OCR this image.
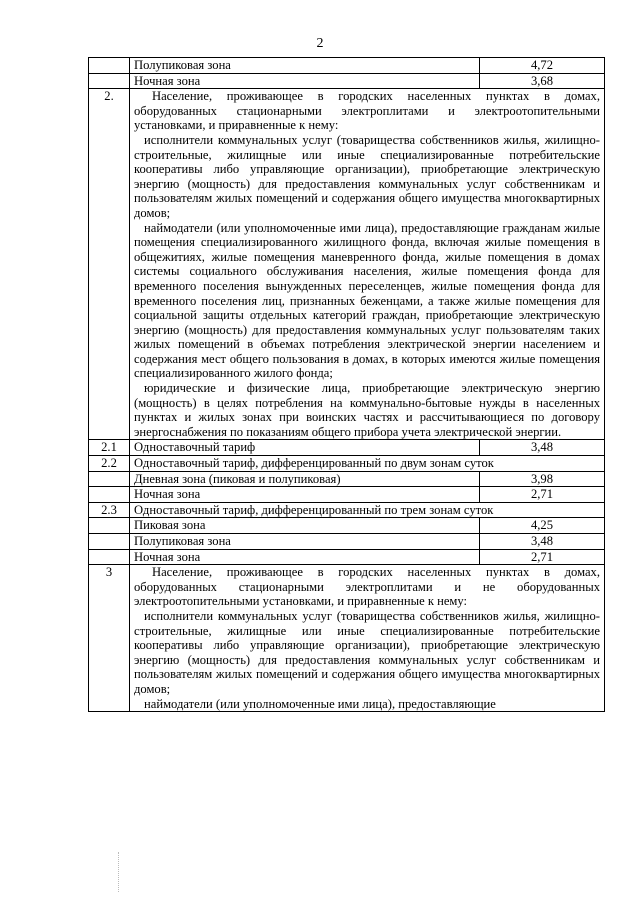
2
	Полупиковая зона	4,72
	Ночная зона	3,68
2.	Население, проживающее в городских населенных пунктах в домах, оборудованных стационарными электроплитами и электроотопительными установками, и приравненные к нему:

исполнители коммунальных услуг (товарищества собственников жилья, жилищно-строительные, жилищные или иные специализированные потребительские кооперативы либо управляющие организации), приобретающие электрическую энергию (мощность) для предоставления коммунальных услуг собственникам и пользователям жилых помещений и содержания общего имущества многоквартирных домов;

наймодатели (или уполномоченные ими лица), предоставляющие гражданам жилые помещения специализированного жилищного фонда, включая жилые помещения в общежитиях, жилые помещения маневренного фонда, жилые помещения в домах системы социального обслуживания населения, жилые помещения фонда для временного поселения вынужденных переселенцев, жилые помещения фонда для временного поселения лиц, признанных беженцами, а также жилые помещения для социальной защиты отдельных категорий граждан, приобретающие электрическую энергию (мощность) для предоставления коммунальных услуг пользователям таких жилых помещений в объемах потребления электрической энергии населением и содержания мест общего пользования в домах, в которых имеются жилые помещения специализированного жилого фонда;

юридические и физические лица, приобретающие электрическую энергию (мощность) в целях потребления на коммунально-бытовые нужды в населенных пунктах и жилых зонах при воинских частях и рассчитывающиеся по договору энергоснабжения по показаниям общего прибора учета электрической энергии.	

2.1	Одноставочный тариф	3,48
2.2	Одноставочный тариф, дифференцированный по двум зонам суток	
	Дневная зона (пиковая и полупиковая)	3,98
	Ночная зона	2,71
2.3	Одноставочный тариф, дифференцированный по трем зонам суток	
	Пиковая зона	4,25
	Полупиковая зона	3,48
	Ночная зона	2,71
3	Население, проживающее в городских населенных пунктах в домах, оборудованных стационарными электроплитами и не оборудованных электроотопительными установками, и приравненные к нему:

исполнители коммунальных услуг (товарищества собственников жилья, жилищно-строительные, жилищные или иные специализированные потребительские кооперативы либо управляющие организации), приобретающие электрическую энергию (мощность) для предоставления коммунальных услуг собственникам и пользователям жилых помещений и содержания общего имущества многоквартирных домов;

наймодатели (или уполномоченные ими лица), предоставляющие	
